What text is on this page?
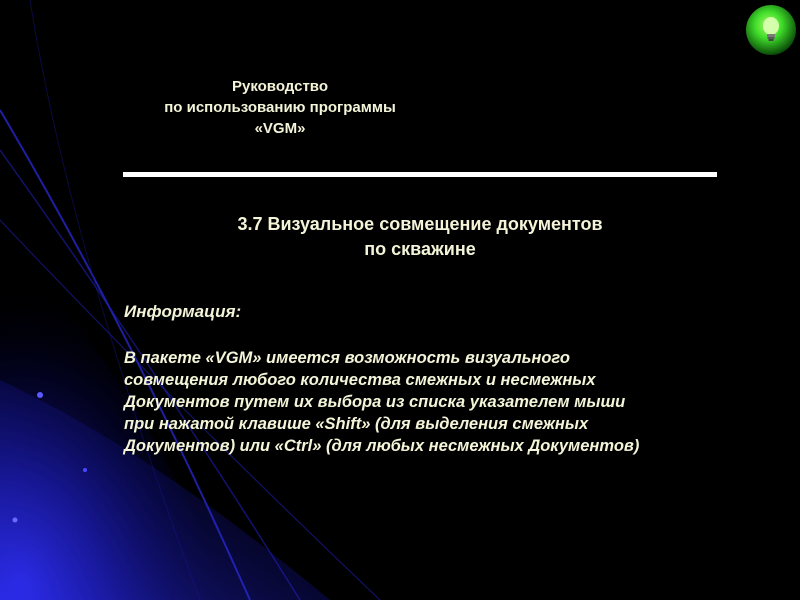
Руководство
по использованию программы
«VGM»
3.7 Визуальное совмещение документов
по скважине
Информация:
В пакете «VGM» имеется возможность визуального
совмещения любого количества смежных и несмежных
Документов путем их выбора из списка указателем мыши
при нажатой клавише «Shift» (для выделения смежных
Документов) или «Ctrl» (для любых несмежных Документов)
